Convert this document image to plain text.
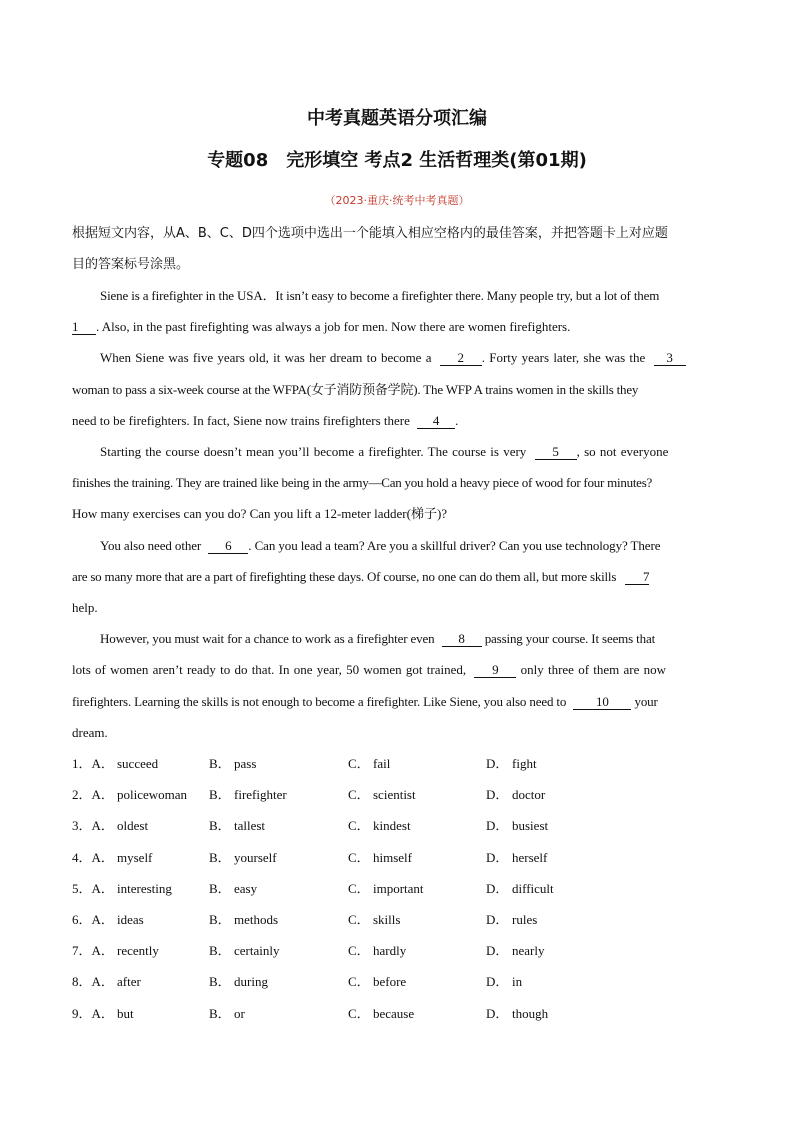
中考真题英语分项汇编
专题08　完形填空 考点2 生活哲理类(第01期)
（2023·重庆·统考中考真题）
根据短文内容，从A、B、C、D四个选项中选出一个能填入相应空格内的最佳答案，并把答题卡上对应题
目的答案标号涂黑。
Siene is a firefighter in the USA．It isn’t easy to become a firefighter there. Many people try, but a lot of them
1 . Also, in the past firefighting was always a job for men. Now there are women firefighters.
When Siene was five years old, it was her dream to become a 2 . Forty years later, she was the 3
woman to pass a six-week course at the WFPA(女子消防预备学院). The WFP A trains women in the skills they
need to be firefighters. In fact, Siene now trains firefighters there 4 .
Starting the course doesn’t mean you’ll become a firefighter. The course is very 5 , so not everyone
finishes the training. They are trained like being in the army—Can you hold a heavy piece of wood for four minutes?
How many exercises can you do? Can you lift a 12-meter ladder(梯子)?
You also need other 6 . Can you lead a team? Are you a skillful driver? Can you use technology? There
are so many more that are a part of firefighting these days. Of course, no one can do them all, but more skills 7
help.
However, you must wait for a chance to work as a firefighter even 8 passing your course. It seems that
lots of women aren’t ready to do that. In one year, 50 women got trained, 9 only three of them are now
firefighters. Learning the skills is not enough to become a firefighter. Like Siene, you also need to 10 your
dream.
1．A． succeed	B． pass	C． fail	D． fight
2．A． policewoman B． firefighter	C． scientist	D． doctor
3．A． oldest	B． tallest	C． kindest	D． busiest
4．A． myself	B． yourself	C． himself	D． herself
5．A． interesting	B． easy	C． important	D． difficult
6．A． ideas	B． methods	C． skills	D． rules
7．A． recently	B． certainly	C． hardly	D． nearly
8．A． after	B． during	C． before	D． in
9．A． but	B． or	C． because	D． though
